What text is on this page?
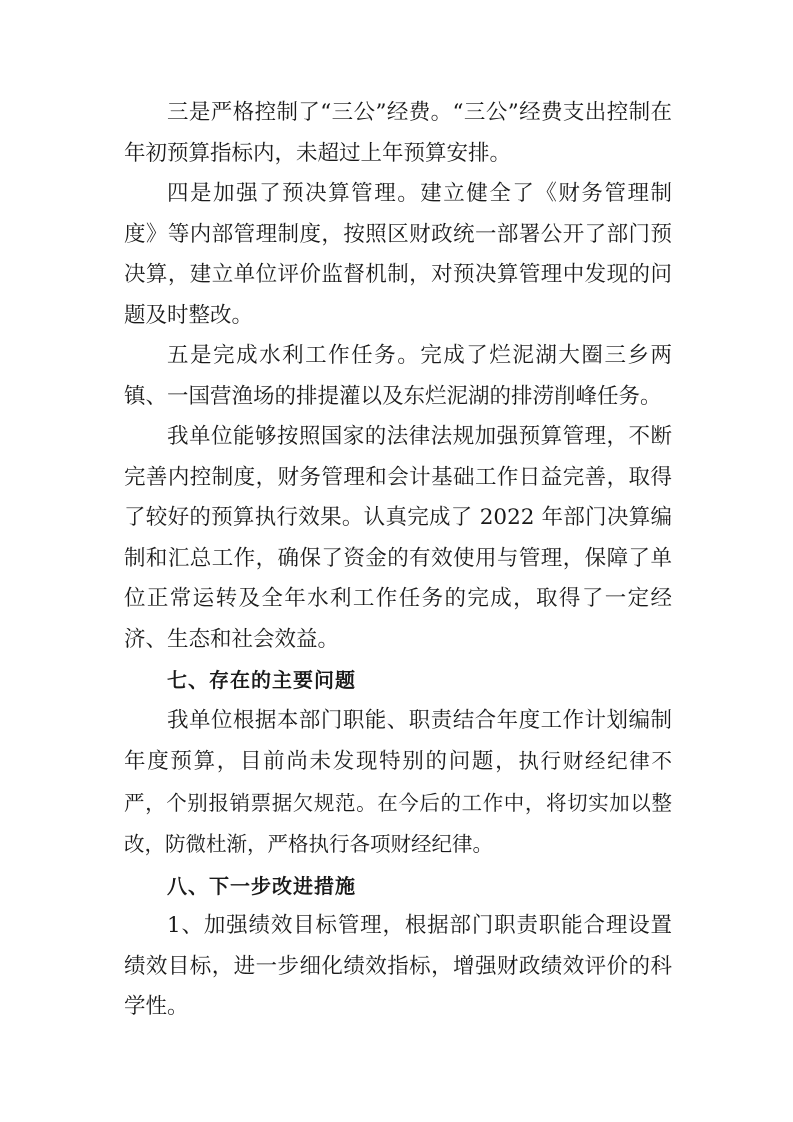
三是严格控制了“三公”经费。“三公”经费支出控制在年初预算指标内，未超过上年预算安排。

四是加强了预决算管理。建立健全了《财务管理制度》等内部管理制度，按照区财政统一部署公开了部门预决算，建立单位评价监督机制，对预决算管理中发现的问题及时整改。

五是完成水利工作任务。完成了烂泥湖大圈三乡两镇、一国营渔场的排提灌以及东烂泥湖的排涝削峰任务。

我单位能够按照国家的法律法规加强预算管理，不断完善内控制度，财务管理和会计基础工作日益完善，取得了较好的预算执行效果。认真完成了 2022 年部门决算编制和汇总工作，确保了资金的有效使用与管理，保障了单位正常运转及全年水利工作任务的完成，取得了一定经济、生态和社会效益。

七、存在的主要问题

我单位根据本部门职能、职责结合年度工作计划编制年度预算，目前尚未发现特别的问题，执行财经纪律不严，个别报销票据欠规范。在今后的工作中，将切实加以整改，防微杜渐，严格执行各项财经纪律。

八、下一步改进措施

1、加强绩效目标管理，根据部门职责职能合理设置绩效目标，进一步细化绩效指标，增强财政绩效评价的科学性。
